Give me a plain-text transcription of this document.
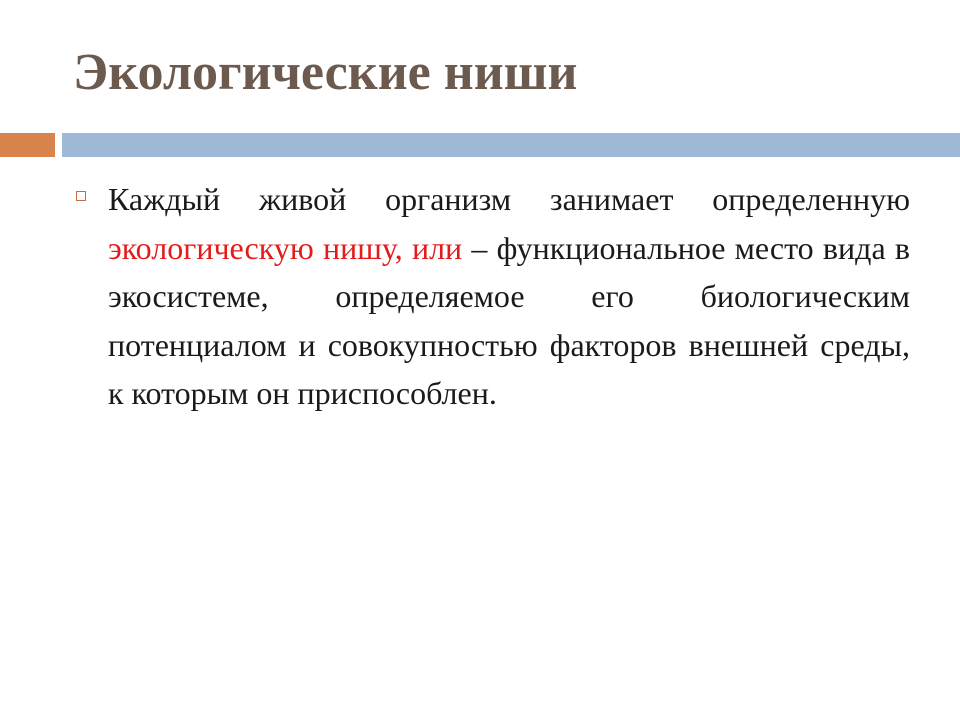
Экологические ниши

Каждый живой организм занимает определенную экологическую нишу, или – функциональное место вида в экосистеме, определяемое его биологическим потенциалом и совокупностью факторов внешней среды, к которым он приспособлен.
